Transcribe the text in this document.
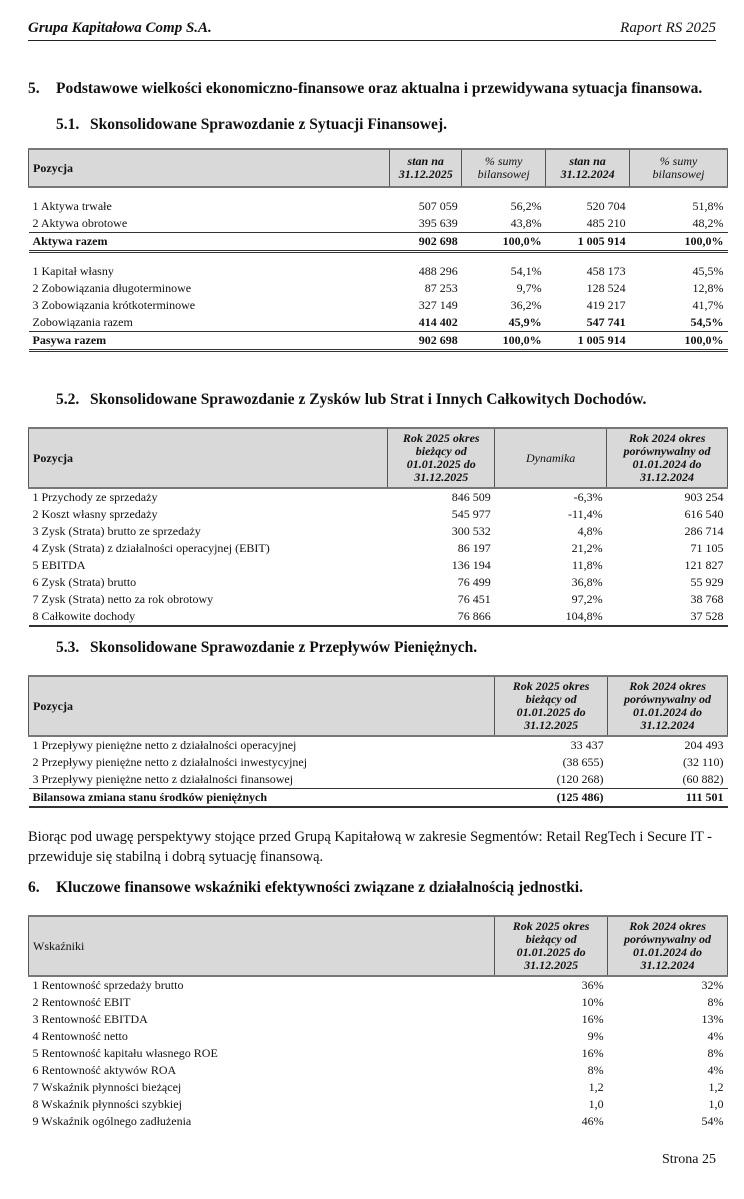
Grupa Kapitałowa Comp S.A.	Raport RS 2025
5. Podstawowe wielkości ekonomiczno-finansowe oraz aktualna i przewidywana sytuacja finansowa.
5.1. Skonsolidowane Sprawozdanie z Sytuacji Finansowej.
Pozycja	stan na 31.12.2025	% sumy bilansowej	stan na 31.12.2024	% sumy bilansowej

1 Aktywa trwałe	507 059	56,2%	520 704	51,8%
2 Aktywa obrotowe	395 639	43,8%	485 210	48,2%
Aktywa razem	902 698	100,0%	1 005 914	100,0%

1 Kapitał własny	488 296	54,1%	458 173	45,5%
2 Zobowiązania długoterminowe	87 253	9,7%	128 524	12,8%
3 Zobowiązania krótkoterminowe	327 149	36,2%	419 217	41,7%
Zobowiązania razem	414 402	45,9%	547 741	54,5%
Pasywa razem	902 698	100,0%	1 005 914	100,0%
5.2. Skonsolidowane Sprawozdanie z Zysków lub Strat i Innych Całkowitych Dochodów.
Pozycja	Rok 2025 okres bieżący od 01.01.2025 do 31.12.2025	Dynamika	Rok 2024 okres porównywalny od 01.01.2024 do 31.12.2024
1 Przychody ze sprzedaży	846 509	-6,3%	903 254
2 Koszt własny sprzedaży	545 977	-11,4%	616 540
3 Zysk (Strata) brutto ze sprzedaży	300 532	4,8%	286 714
4 Zysk (Strata) z działalności operacyjnej (EBIT)	86 197	21,2%	71 105
5 EBITDA	136 194	11,8%	121 827
6 Zysk (Strata) brutto	76 499	36,8%	55 929
7 Zysk (Strata) netto za rok obrotowy	76 451	97,2%	38 768
8 Całkowite dochody	76 866	104,8%	37 528
5.3. Skonsolidowane Sprawozdanie z Przepływów Pieniężnych.
Pozycja	Rok 2025 okres bieżący od 01.01.2025 do 31.12.2025	Rok 2024 okres porównywalny od 01.01.2024 do 31.12.2024
1 Przepływy pieniężne netto z działalności operacyjnej	33 437	204 493
2 Przepływy pieniężne netto z działalności inwestycyjnej	(38 655)	(32 110)
3 Przepływy pieniężne netto z działalności finansowej	(120 268)	(60 882)
Bilansowa zmiana stanu środków pieniężnych	(125 486)	111 501

Biorąc pod uwagę perspektywy stojące przed Grupą Kapitałową w zakresie Segmentów: Retail RegTech i Secure IT - przewiduje się stabilną i dobrą sytuację finansową.

6. Kluczowe finansowe wskaźniki efektywności związane z działalnością jednostki.
Wskaźniki	Rok 2025 okres bieżący od 01.01.2025 do 31.12.2025	Rok 2024 okres porównywalny od 01.01.2024 do 31.12.2024
1 Rentowność sprzedaży brutto	36%	32%
2 Rentowność EBIT	10%	8%
3 Rentowność EBITDA	16%	13%
4 Rentowność netto	9%	4%
5 Rentowność kapitału własnego ROE	16%	8%
6 Rentowność aktywów ROA	8%	4%
7 Wskaźnik płynności bieżącej	1,2	1,2
8 Wskaźnik płynności szybkiej	1,0	1,0
9 Wskaźnik ogólnego zadłużenia	46%	54%
Strona 25
